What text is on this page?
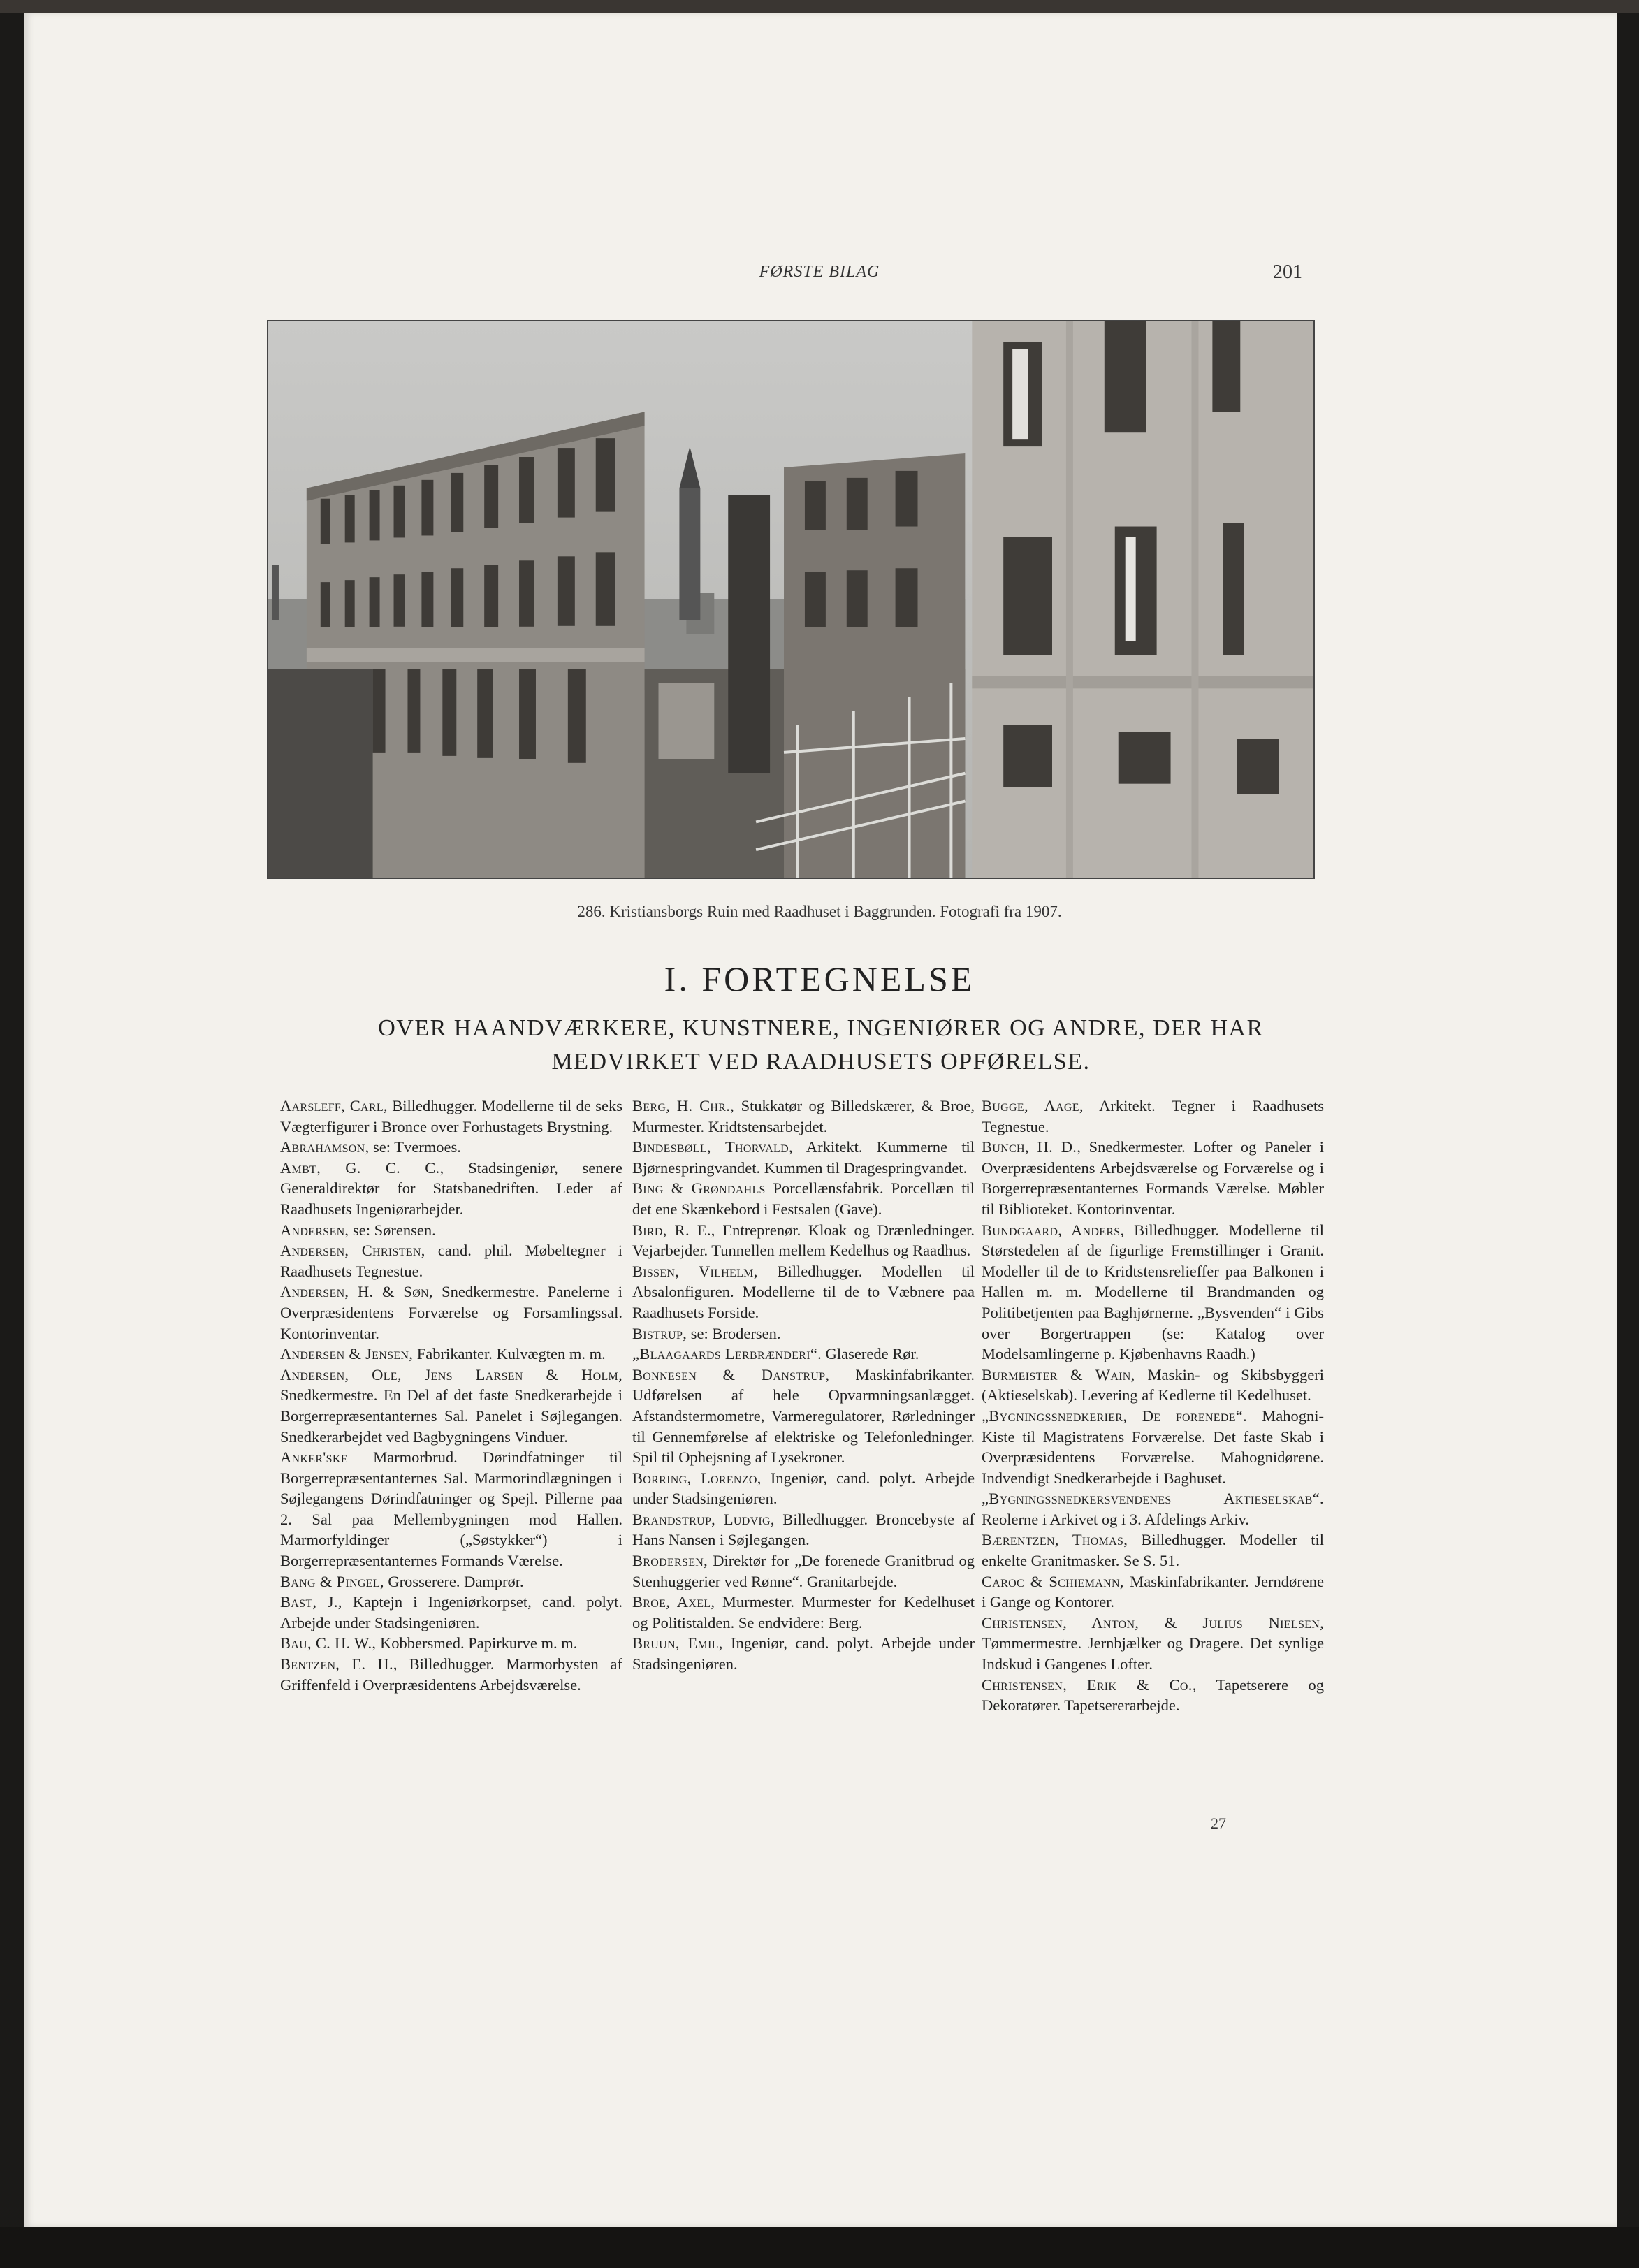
FØRSTE BILAG	201
286. Kristiansborgs Ruin med Raadhuset i Baggrunden. Fotografi fra 1907.
I. FORTEGNELSE
OVER HAANDVÆRKERE, KUNSTNERE, INGENIØRER OG ANDRE, DER HAR
MEDVIRKET VED RAADHUSETS OPFØRELSE.

Aarsleff, Carl, Billedhugger. Modellerne til de seks Vægterfigurer i Bronce over Forhustagets Brystning.

Abrahamson, se: Tvermoes.

Ambt, G. C. C., Stadsingeniør, senere Generaldirektør for Statsbanedriften. Leder af Raadhusets Ingeniørarbejder.

Andersen, se: Sørensen.

Andersen, Christen, cand. phil. Møbeltegner i Raadhusets Tegnestue.

Andersen, H. & Søn, Snedkermestre. Panelerne i Overpræsidentens Forværelse og Forsamlingssal. Kontorinventar.

Andersen & Jensen, Fabrikanter. Kulvægten m. m.

Andersen, Ole, Jens Larsen & Holm, Snedkermestre. En Del af det faste Snedkerarbejde i Borgerrepræsentanternes Sal. Panelet i Søjlegangen. Snedkerarbejdet ved Bagbygningens Vinduer.

Anker'ske Marmorbrud. Dørindfatninger til Borgerrepræsentanternes Sal. Marmorindlægningen i Søjlegangens Dørindfatninger og Spejl. Pillerne paa 2. Sal paa Mellembygningen mod Hallen. Marmorfyldinger („Søstykker“) i Borgerrepræsentanternes Formands Værelse.

Bang & Pingel, Grosserere. Damprør.

Bast, J., Kaptejn i Ingeniørkorpset, cand. polyt. Arbejde under Stadsingeniøren.

Bau, C. H. W., Kobbersmed. Papirkurve m. m.

Bentzen, E. H., Billedhugger. Marmorbysten af Griffenfeld i Overpræsidentens Arbejdsværelse.

Berg, H. Chr., Stukkatør og Billedskærer, & Broe, Murmester. Kridtstensarbejdet.

Bindesbøll, Thorvald, Arkitekt. Kummerne til Bjørnespringvandet. Kummen til Dragespringvandet.

Bing & Grøndahls Porcellænsfabrik. Porcellæn til det ene Skænkebord i Festsalen (Gave).

Bird, R. E., Entreprenør. Kloak og Drænledninger. Vejarbejder. Tunnellen mellem Kedelhus og Raadhus.

Bissen, Vilhelm, Billedhugger. Modellen til Absalonfiguren. Modellerne til de to Væbnere paa Raadhusets Forside.

Bistrup, se: Brodersen.

„Blaagaards Lerbrænderi“. Glaserede Rør.

Bonnesen & Danstrup, Maskinfabrikanter. Udførelsen af hele Opvarmningsanlægget. Afstandstermometre, Varmeregulatorer, Rørledninger til Gennemførelse af elektriske og Telefonledninger. Spil til Ophejsning af Lysekroner.

Borring, Lorenzo, Ingeniør, cand. polyt. Arbejde under Stadsingeniøren.

Brandstrup, Ludvig, Billedhugger. Broncebyste af Hans Nansen i Søjlegangen.

Brodersen, Direktør for „De forenede Granitbrud og Stenhuggerier ved Rønne“. Granitarbejde.

Broe, Axel, Murmester. Murmester for Kedelhuset og Politistalden. Se endvidere: Berg.

Bruun, Emil, Ingeniør, cand. polyt. Arbejde under Stadsingeniøren.

Bugge, Aage, Arkitekt. Tegner i Raadhusets Tegnestue.

Bunch, H. D., Snedkermester. Lofter og Paneler i Overpræsidentens Arbejdsværelse og Forværelse og i Borgerrepræsentanternes Formands Værelse. Møbler til Biblioteket. Kontorinventar.

Bundgaard, Anders, Billedhugger. Modellerne til Størstedelen af de figurlige Fremstillinger i Granit. Modeller til de to Kridtstensrelieffer paa Balkonen i Hallen m. m. Modellerne til Brandmanden og Politibetjenten paa Baghjørnerne. „Bysvenden“ i Gibs over Borgertrappen (se: Katalog over Modelsamlingerne p. Kjøbenhavns Raadh.)

Burmeister & Wain, Maskin- og Skibsbyggeri (Aktieselskab). Levering af Kedlerne til Kedelhuset.

„Bygningssnedkerier, De forenede“. Mahogni-Kiste til Magistratens Forværelse. Det faste Skab i Overpræsidentens Forværelse. Mahognidørene. Indvendigt Snedkerarbejde i Baghuset.

„Bygningssnedkersvendenes Aktieselskab“. Reolerne i Arkivet og i 3. Afdelings Arkiv.

Bærentzen, Thomas, Billedhugger. Modeller til enkelte Granitmasker. Se S. 51.

Caroc & Schiemann, Maskinfabrikanter. Jerndørene i Gange og Kontorer.

Christensen, Anton, & Julius Nielsen, Tømmermestre. Jernbjælker og Dragere. Det synlige Indskud i Gangenes Lofter.

Christensen, Erik & Co., Tapetserere og Dekoratører. Tapetsererarbejde.

27
